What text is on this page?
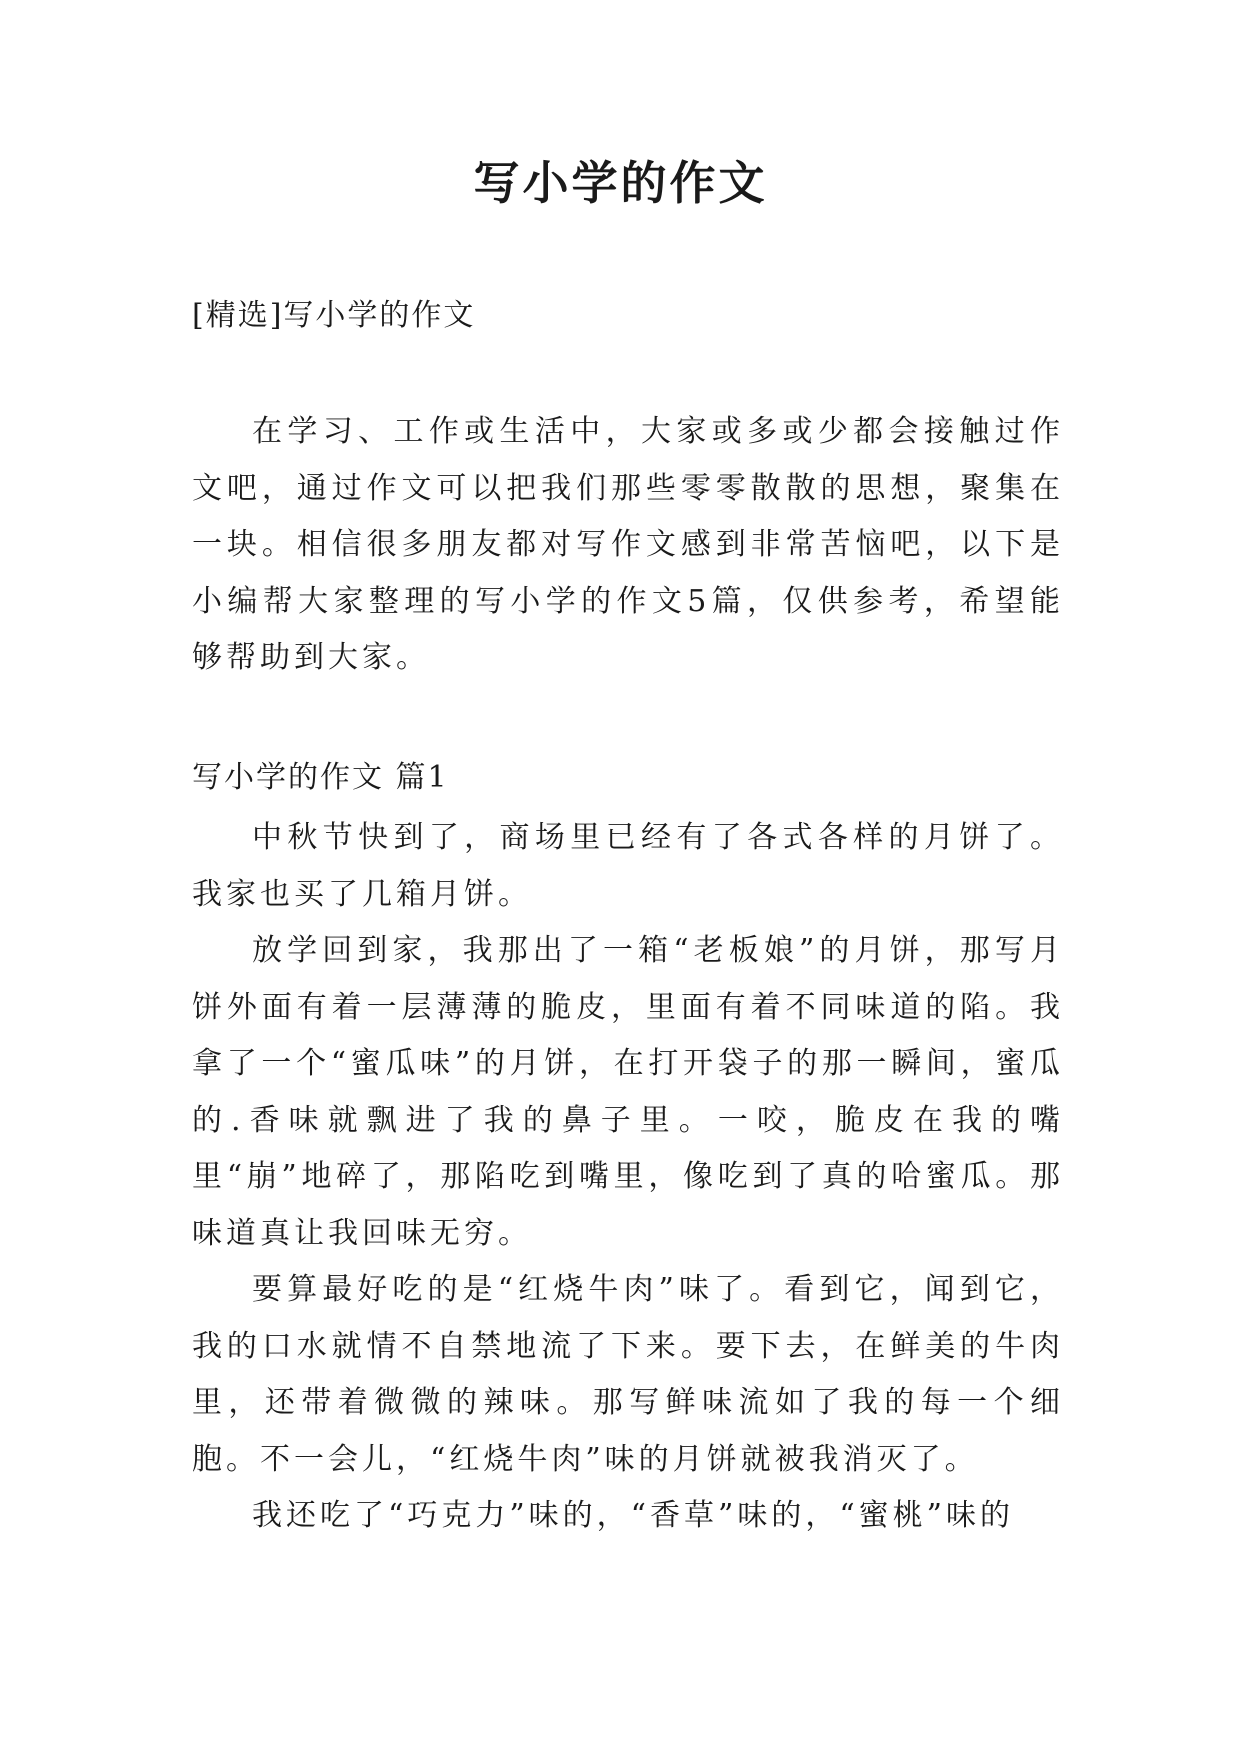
写小学的作文
[精选]写小学的作文

在学习、工作或生活中，大家或多或少都会接触过作文吧，通过作文可以把我们那些零零散散的思想，聚集在一块。相信很多朋友都对写作文感到非常苦恼吧，以下是小编帮大家整理的写小学的作文5篇，仅供参考，希望能够帮助到大家。

写小学的作文 篇1

中秋节快到了，商场里已经有了各式各样的月饼了。我家也买了几箱月饼。

放学回到家，我那出了一箱“老板娘”的月饼，那写月饼外面有着一层薄薄的脆皮，里面有着不同味道的陷。我拿了一个“蜜瓜味”的月饼，在打开袋子的那一瞬间，蜜瓜的.香味就飘进了我的鼻子里。一咬，脆皮在我的嘴里“崩”地碎了，那陷吃到嘴里，像吃到了真的哈蜜瓜。那味道真让我回味无穷。

要算最好吃的是“红烧牛肉”味了。看到它，闻到它，我的口水就情不自禁地流了下来。要下去，在鲜美的牛肉里，还带着微微的辣味。那写鲜味流如了我的每一个细胞。不一会儿，“红烧牛肉”味的月饼就被我消灭了。

我还吃了“巧克力”味的，“香草”味的，“蜜桃”味的
